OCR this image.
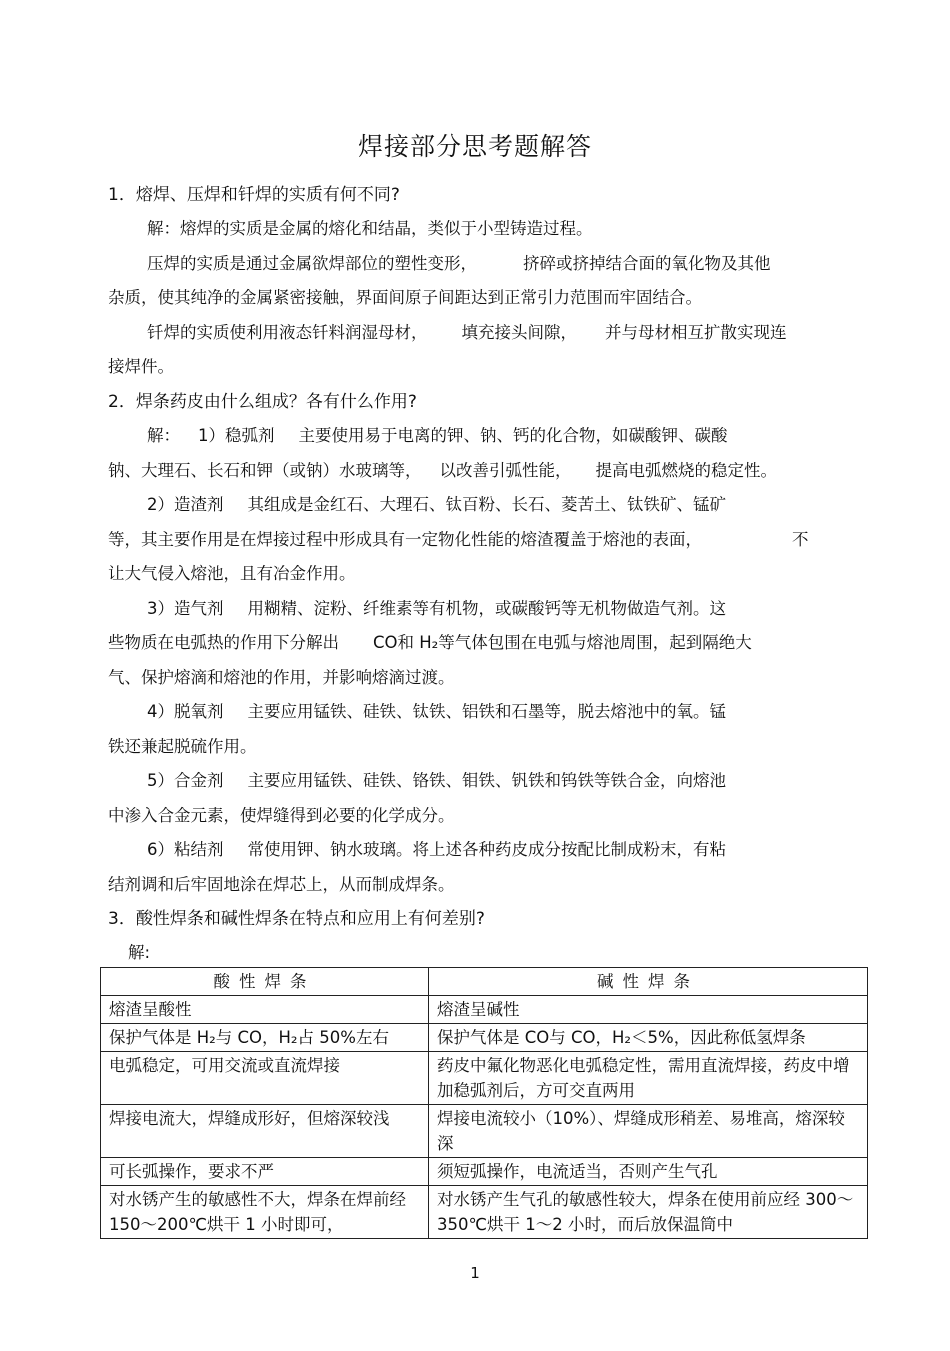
焊接部分思考题解答
1．熔焊、压焊和钎焊的实质有何不同?
解：熔焊的实质是金属的熔化和结晶，类似于小型铸造过程。
压焊的实质是通过金属欲焊部位的塑性变形，	挤碎或挤掉结合面的氧化物及其他
杂质，使其纯净的金属紧密接触，界面间原子间距达到正常引力范围而牢固结合。
钎焊的实质使利用液态钎料润湿母材， 填充接头间隙， 并与母材相互扩散实现连
接焊件。
2．焊条药皮由什么组成？各有什么作用?
解： 1）稳弧剂 主要使用易于电离的钾、钠、钙的化合物，如碳酸钾、碳酸
钠、大理石、长石和钾（或钠）水玻璃等， 以改善引弧性能， 提高电弧燃烧的稳定性。
2）造渣剂 其组成是金红石、大理石、钛百粉、长石、菱苦土、钛铁矿、锰矿
等，其主要作用是在焊接过程中形成具有一定物化性能的熔渣覆盖于熔池的表面，	不
让大气侵入熔池，且有冶金作用。
3）造气剂 用糊精、淀粉、纤维素等有机物，或碳酸钙等无机物做造气剂。这
些物质在电弧热的作用下分解出 CO和 H₂等气体包围在电弧与熔池周围，起到隔绝大
气、保护熔滴和熔池的作用，并影响熔滴过渡。
4）脱氧剂 主要应用锰铁、硅铁、钛铁、铝铁和石墨等，脱去熔池中的氧。锰
铁还兼起脱硫作用。
5）合金剂 主要应用锰铁、硅铁、铬铁、钼铁、钒铁和钨铁等铁合金，向熔池
中渗入合金元素，使焊缝得到必要的化学成分。
6）粘结剂 常使用钾、钠水玻璃。将上述各种药皮成分按配比制成粉末，有粘
结剂调和后牢固地涂在焊芯上，从而制成焊条。
3．酸性焊条和碱性焊条在特点和应用上有何差别?
解:
酸性焊条	碱性焊条
熔渣呈酸性	熔渣呈碱性
保护气体是 H₂与 CO，H₂占 50%左右	保护气体是 CO与 CO，H₂＜5%，因此称低氢焊条
电弧稳定，可用交流或直流焊接	药皮中氟化物恶化电弧稳定性，需用直流焊接，药皮中增加稳弧剂后，方可交直两用
焊接电流大，焊缝成形好，但熔深较浅	焊接电流较小（10%）、焊缝成形稍差、易堆高，熔深较深
可长弧操作，要求不严	须短弧操作，电流适当，否则产生气孔
对水锈产生的敏感性不大，焊条在焊前经 150～200℃烘干 1 小时即可，	对水锈产生气孔的敏感性较大，焊条在使用前应经 300～350℃烘干 1～2 小时，而后放保温筒中
1
